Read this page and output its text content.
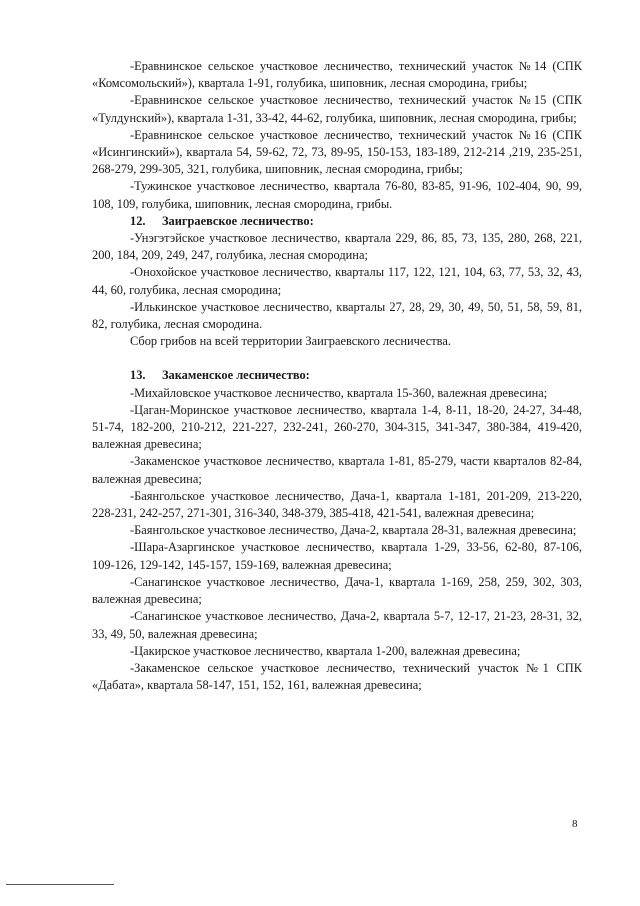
-Еравнинское сельское участковое лесничество, технический участок №14 (СПК «Комсомольский»), квартала 1-91, голубика, шиповник, лесная смородина, грибы;

-Еравнинское сельское участковое лесничество, технический участок №15 (СПК «Тулдунский»), квартала 1-31, 33-42, 44-62, голубика, шиповник, лесная смородина, грибы;

-Еравнинское сельское участковое лесничество, технический участок №16 (СПК «Исингинский»), квартала 54, 59-62, 72, 73, 89-95, 150-153, 183-189, 212-214 ,219, 235-251, 268-279, 299-305, 321, голубика, шиповник, лесная смородина, грибы;

-Тужинское участковое лесничество, квартала 76-80, 83-85, 91-96, 102-404, 90, 99, 108, 109, голубика, шиповник, лесная смородина, грибы.

12. Заиграевское лесничество:

-Унэгэтэйское участковое лесничество, квартала 229, 86, 85, 73, 135, 280, 268, 221, 200, 184, 209, 249, 247, голубика, лесная смородина;

-Онохойское участковое лесничество, кварталы 117, 122, 121, 104, 63, 77, 53, 32, 43, 44, 60, голубика, лесная смородина;

-Илькинское участковое лесничество, кварталы 27, 28, 29, 30, 49, 50, 51, 58, 59, 81, 82, голубика, лесная смородина.

Сбор грибов на всей территории Заиграевского лесничества.

13. Закаменское лесничество:

-Михайловское участковое лесничество, квартала 15-360, валежная древесина;

-Цаган-Моринское участковое лесничество, квартала 1-4, 8-11, 18-20, 24-27, 34-48, 51-74, 182-200, 210-212, 221-227, 232-241, 260-270, 304-315, 341-347, 380-384, 419-420, валежная древесина;

-Закаменское участковое лесничество, квартала 1-81, 85-279, части кварталов 82-84, валежная древесина;

-Баянгольское участковое лесничество, Дача-1, квартала 1-181, 201-209, 213-220, 228-231, 242-257, 271-301, 316-340, 348-379, 385-418, 421-541, валежная древесина;

-Баянгольское участковое лесничество, Дача-2, квартала 28-31, валежная древесина;

-Шара-Азаргинское участковое лесничество, квартала 1-29, 33-56, 62-80, 87-106, 109-126, 129-142, 145-157, 159-169, валежная древесина;

-Санагинское участковое лесничество, Дача-1, квартала 1-169, 258, 259, 302, 303, валежная древесина;

-Санагинское участковое лесничество, Дача-2, квартала 5-7, 12-17, 21-23, 28-31, 32, 33, 49, 50, валежная древесина;

-Цакирское участковое лесничество, квартала 1-200, валежная древесина;

-Закаменское сельское участковое лесничество, технический участок №1 СПК «Дабата», квартала 58-147, 151, 152, 161, валежная древесина;

8
